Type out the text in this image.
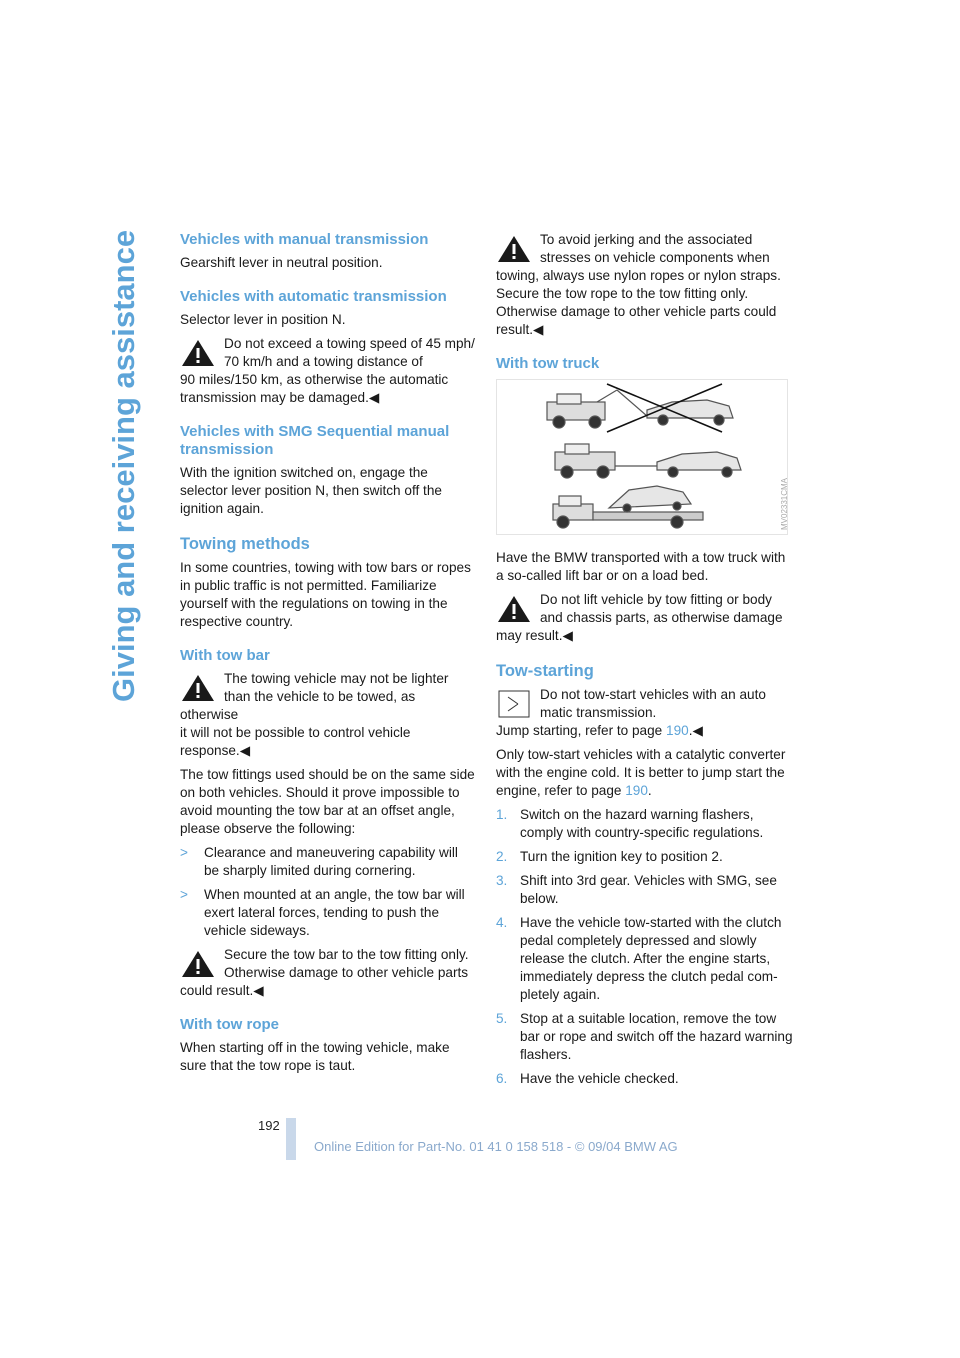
Giving and receiving assistance	Vehicles with manual transmission

Gearshift lever in neutral position.

Vehicles with automatic transmission

Selector lever in position N.

Do not exceed a towing speed of 45 mph/
70 km/h and a towing distance of
90 miles/150 km, as otherwise the automatic transmission may be damaged.◀
Vehicles with SMG Sequential manual transmission

With the ignition switched on, engage the selector lever position N, then switch off the ignition again.

Towing methods

In some countries, towing with tow bars or ropes in public traffic is not permitted. Familiarize yourself with the regulations on towing in the respective country.

With tow bar
The towing vehicle may not be lighter
than the vehicle to be towed, as otherwise
it will not be possible to control vehicle response.◀

The tow fittings used should be on the same side on both vehicles. Should it prove impossible to avoid mounting the tow bar at an offset angle, please observe the following:

> Clearance and maneuvering capability will be sharply limited during cornering.
> When mounted at an angle, the tow bar will exert lateral forces, tending to push the vehicle sideways.
Secure the tow bar to the tow fitting only.
Otherwise damage to other vehicle parts
could result.◀
With tow rope

When starting off in the towing vehicle, make sure that the tow rope is taut.

To avoid jerking and the associated
stresses on vehicle components when
towing, always use nylon ropes or nylon straps. Secure the tow rope to the tow fitting only. Otherwise damage to other vehicle parts could result.◀
With tow truck
MV02331CMA

Have the BMW transported with a tow truck with a so-called lift bar or on a load bed.

Do not lift vehicle by tow fitting or body
and chassis parts, as otherwise damage
may result.◀
Tow-starting
Do not tow-start vehicles with an auto
matic transmission.
Jump starting, refer to page 190.◀

Only tow-start vehicles with a catalytic converter with the engine cold. It is better to jump start the engine, refer to page 190.

1. Switch on the hazard warning flashers, comply with country-specific regulations.
2. Turn the ignition key to position 2.
3. Shift into 3rd gear. Vehicles with SMG, see below.
4. Have the vehicle tow-started with the clutch pedal completely depressed and slowly release the clutch. After the engine starts, immediately depress the clutch pedal completely again.
5. Stop at a suitable location, remove the tow bar or rope and switch off the hazard warning flashers.
6. Have the vehicle checked.
192
Online Edition for Part-No. 01 41 0 158 518 - © 09/04 BMW AG
